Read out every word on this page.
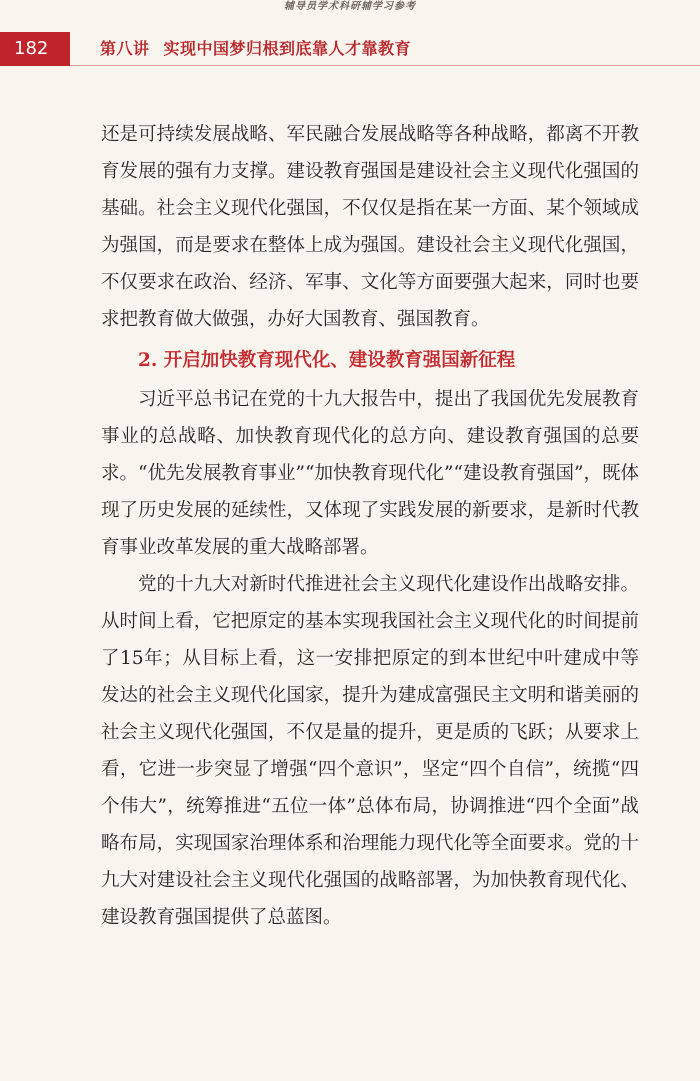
辅导员学术科研辅学习参考
182	第八讲 实现中国梦归根到底靠人才靠教育

还是可持续发展战略、军民融合发展战略等各种战略，都离不开教育发展的强有力支撑。建设教育强国是建设社会主义现代化强国的基础。社会主义现代化强国，不仅仅是指在某一方面、某个领域成为强国，而是要求在整体上成为强国。建设社会主义现代化强国，不仅要求在政治、经济、军事、文化等方面要强大起来，同时也要求把教育做大做强，办好大国教育、强国教育。

2. 开启加快教育现代化、建设教育强国新征程

习近平总书记在党的十九大报告中，提出了我国优先发展教育事业的总战略、加快教育现代化的总方向、建设教育强国的总要求。“优先发展教育事业”“加快教育现代化”“建设教育强国”，既体现了历史发展的延续性，又体现了实践发展的新要求，是新时代教育事业改革发展的重大战略部署。

党的十九大对新时代推进社会主义现代化建设作出战略安排。从时间上看，它把原定的基本实现我国社会主义现代化的时间提前了15年；从目标上看，这一安排把原定的到本世纪中叶建成中等发达的社会主义现代化国家，提升为建成富强民主文明和谐美丽的社会主义现代化强国，不仅是量的提升，更是质的飞跃；从要求上看，它进一步突显了增强“四个意识”，坚定“四个自信”，统揽“四个伟大”，统筹推进“五位一体”总体布局，协调推进“四个全面”战略布局，实现国家治理体系和治理能力现代化等全面要求。党的十九大对建设社会主义现代化强国的战略部署，为加快教育现代化、建设教育强国提供了总蓝图。
